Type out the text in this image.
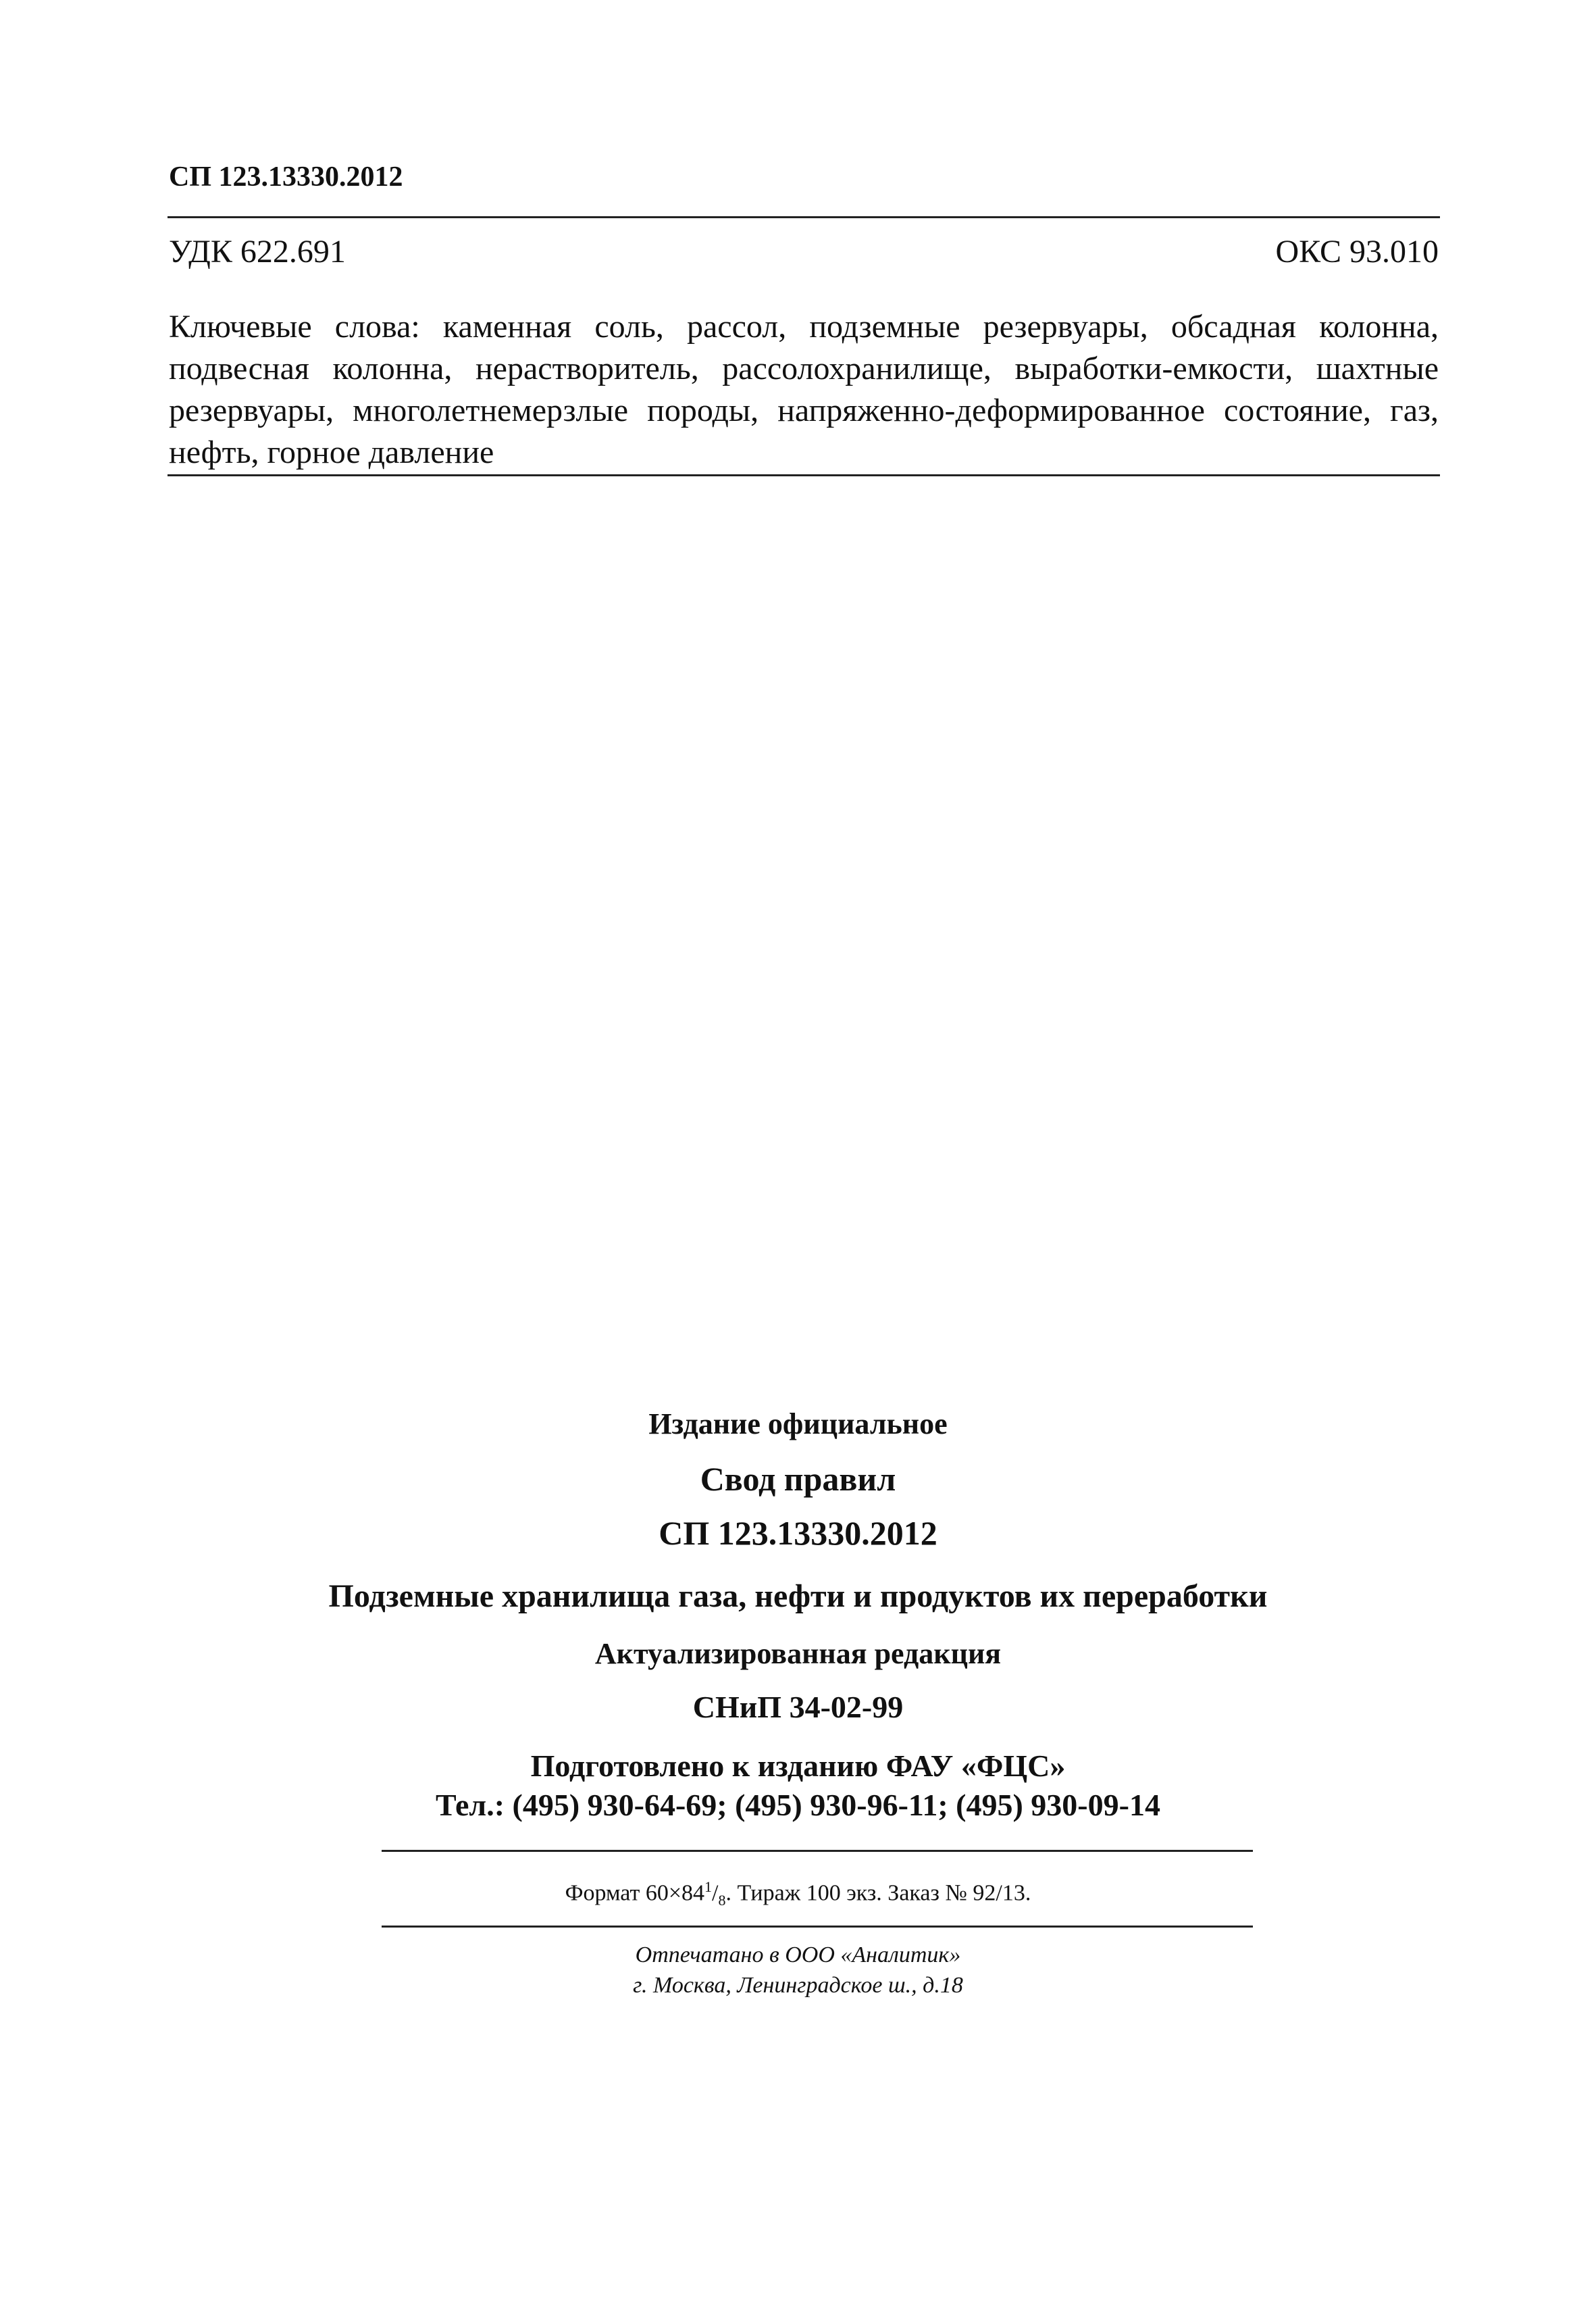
СП 123.13330.2012
УДК 622.691	ОКС 93.010
Ключевые слова: каменная соль, рассол, подземные резервуары, обсадная колонна, подвесная колонна, нерастворитель, рассолохранилище, выработки-емкости, шахтные резервуары, многолетнемерзлые породы, напряженно-деформированное состояние, газ, нефть, горное давление
Издание официальное
Свод правил
СП 123.13330.2012
Подземные хранилища газа, нефти и продуктов их переработки
Актуализированная редакция
СНиП 34-02-99
Подготовлено к изданию ФАУ «ФЦС»
Тел.: (495) 930-64-69; (495) 930-96-11; (495) 930-09-14
Формат $60\times 84^1/_8$. Тираж 100 экз. Заказ № 92/13.
Отпечатано в ООО «Аналитик»
г. Москва, Ленинградское ш., д.18
